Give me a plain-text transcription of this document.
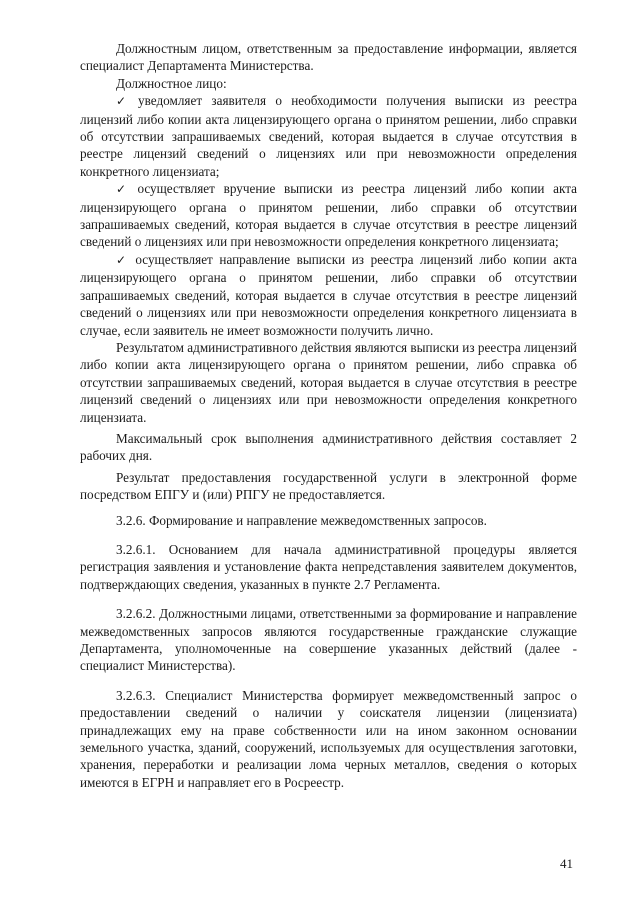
Должностным лицом, ответственным за предоставление информации, является специалист Департамента Министерства.

Должностное лицо:

✓ уведомляет заявителя о необходимости получения выписки из реестра лицензий либо копии акта лицензирующего органа о принятом решении, либо справки об отсутствии запрашиваемых сведений, которая выдается в случае отсутствия в реестре лицензий сведений о лицензиях или при невозможности определения конкретного лицензиата;

✓ осуществляет вручение выписки из реестра лицензий либо копии акта лицензирующего органа о принятом решении, либо справки об отсутствии запрашиваемых сведений, которая выдается в случае отсутствия в реестре лицензий сведений о лицензиях или при невозможности определения конкретного лицензиата;

✓ осуществляет направление выписки из реестра лицензий либо копии акта лицензирующего органа о принятом решении, либо справки об отсутствии запрашиваемых сведений, которая выдается в случае отсутствия в реестре лицензий сведений о лицензиях или при невозможности определения конкретного лицензиата в случае, если заявитель не имеет возможности получить лично.

Результатом административного действия являются выписки из реестра лицензий либо копии акта лицензирующего органа о принятом решении, либо справка об отсутствии запрашиваемых сведений, которая выдается в случае отсутствия в реестре лицензий сведений о лицензиях или при невозможности определения конкретного лицензиата.

Максимальный срок выполнения административного действия составляет 2 рабочих дня.

Результат предоставления государственной услуги в электронной форме посредством ЕПГУ и (или) РПГУ не предоставляется.

3.2.6. Формирование и направление межведомственных запросов.

3.2.6.1. Основанием для начала административной процедуры является регистрация заявления и установление факта непредставления заявителем документов, подтверждающих сведения, указанных в пункте 2.7 Регламента.

3.2.6.2. Должностными лицами, ответственными за формирование и направление межведомственных запросов являются государственные гражданские служащие Департамента, уполномоченные на совершение указанных действий (далее - специалист Министерства).

3.2.6.3. Специалист Министерства формирует межведомственный запрос о предоставлении сведений о наличии у соискателя лицензии (лицензиата) принадлежащих ему на праве собственности или на ином законном основании земельного участка, зданий, сооружений, используемых для осуществления заготовки, хранения, переработки и реализации лома черных металлов, сведения о которых имеются в ЕГРН и направляет его в Росреестр.

41
